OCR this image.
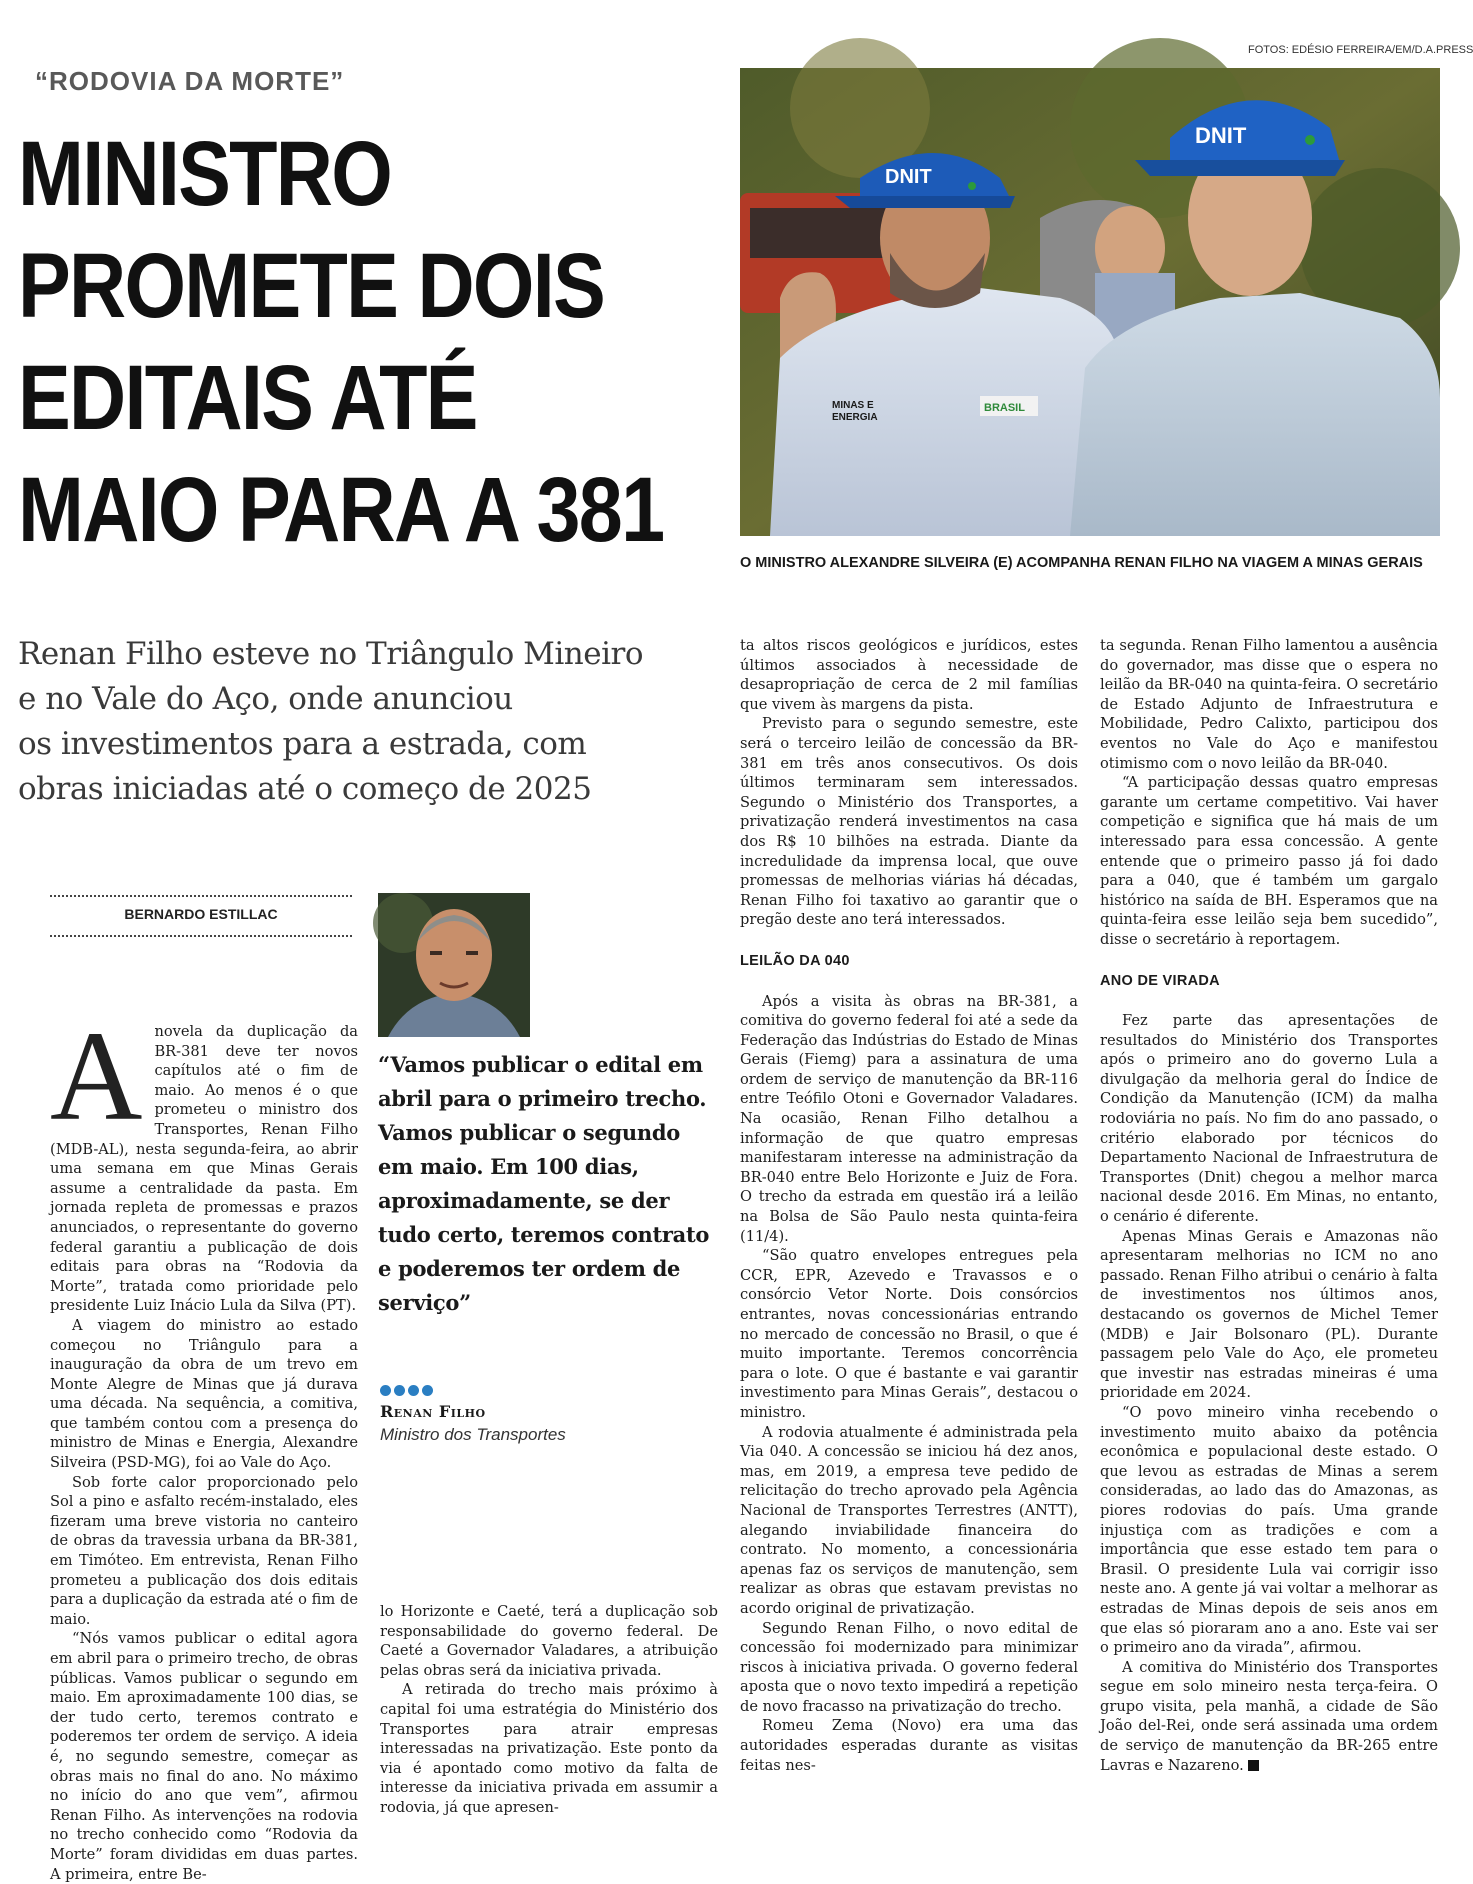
“RODOVIA DA MORTE”
MINISTRO
PROMETE DOIS
EDITAIS ATÉ
MAIO PARA A 381
FOTOS: EDÉSIO FERREIRA/EM/D.A.PRESS
DNIT
MINAS E
ENERGIA
BRASIL
DNIT
O MINISTRO ALEXANDRE SILVEIRA (E) ACOMPANHA RENAN FILHO NA VIAGEM A MINAS GERAIS
Renan Filho esteve no Triângulo Mineiro
e no Vale do Aço, onde anunciou
os investimentos para a estrada, com
obras iniciadas até o começo de 2025
BERNARDO ESTILLAC
A novela da duplicação da BR-381 deve ter novos capítulos até o fim de maio. Ao menos é o que prometeu o ministro dos Transportes, Renan Filho (MDB-AL), nesta segunda-feira, ao abrir uma semana em que Minas Gerais assume a centralidade da pasta. Em jornada repleta de promessas e prazos anunciados, o representante do governo federal garantiu a publicação de dois editais para obras na “Rodovia da Morte”, tratada como prioridade pelo presidente Luiz Inácio Lula da Silva (PT).

A viagem do ministro ao estado começou no Triângulo para a inauguração da obra de um trevo em Monte Alegre de Minas que já durava uma década. Na sequência, a comitiva, que também contou com a presença do ministro de Minas e Energia, Alexandre Silveira (PSD-MG), foi ao Vale do Aço.

Sob forte calor proporcionado pelo Sol a pino e asfalto recém-instalado, eles fizeram uma breve vistoria no canteiro de obras da travessia urbana da BR-381, em Timóteo. Em entrevista, Renan Filho prometeu a publicação dos dois editais para a duplicação da estrada até o fim de maio.

“Nós vamos publicar o edital agora em abril para o primeiro trecho, de obras públicas. Vamos publicar o segundo em maio. Em aproximadamente 100 dias, se der tudo certo, teremos contrato e poderemos ter ordem de serviço. A ideia é, no segundo semestre, começar as obras mais no final do ano. No máximo no início do ano que vem”, afirmou Renan Filho. As intervenções na rodovia no trecho conhecido como “Rodovia da Morte” foram divididas em duas partes. A primeira, entre Be-

“Vamos publicar o edital em abril para o primeiro trecho. Vamos publicar o segundo em maio. Em 100 dias, aproximadamente, se der tudo certo, teremos contrato e poderemos ter ordem de serviço”
Renan Filho
Ministro dos Transportes

lo Horizonte e Caeté, terá a duplicação sob responsabilidade do governo federal. De Caeté a Governador Valadares, a atribuição pelas obras será da iniciativa privada.

A retirada do trecho mais próximo à capital foi uma estratégia do Ministério dos Transportes para atrair empresas interessadas na privatização. Este ponto da via é apontado como motivo da falta de interesse da iniciativa privada em assumir a rodovia, já que apresen-

ta altos riscos geológicos e jurídicos, estes últimos associados à necessidade de desapropriação de cerca de 2 mil famílias que vivem às margens da pista.

Previsto para o segundo semestre, este será o terceiro leilão de concessão da BR-381 em três anos consecutivos. Os dois últimos terminaram sem interessados. Segundo o Ministério dos Transportes, a privatização renderá investimentos na casa dos R$ 10 bilhões na estrada. Diante da incredulidade da imprensa local, que ouve promessas de melhorias viárias há décadas, Renan Filho foi taxativo ao garantir que o pregão deste ano terá interessados.

LEILÃO DA 040

Após a visita às obras na BR-381, a comitiva do governo federal foi até a sede da Federação das Indústrias do Estado de Minas Gerais (Fiemg) para a assinatura de uma ordem de serviço de manutenção da BR-116 entre Teófilo Otoni e Governador Valadares. Na ocasião, Renan Filho detalhou a informação de que quatro empresas manifestaram interesse na administração da BR-040 entre Belo Horizonte e Juiz de Fora. O trecho da estrada em questão irá a leilão na Bolsa de São Paulo nesta quinta-feira (11/4).

“São quatro envelopes entregues pela CCR, EPR, Azevedo e Travassos e o consórcio Vetor Norte. Dois consórcios entrantes, novas concessionárias entrando no mercado de concessão no Brasil, o que é muito importante. Teremos concorrência para o lote. O que é bastante e vai garantir investimento para Minas Gerais”, destacou o ministro.

A rodovia atualmente é administrada pela Via 040. A concessão se iniciou há dez anos, mas, em 2019, a empresa teve pedido de relicitação do trecho aprovado pela Agência Nacional de Transportes Terrestres (ANTT), alegando inviabilidade financeira do contrato. No momento, a concessionária apenas faz os serviços de manutenção, sem realizar as obras que estavam previstas no acordo original de privatização.

Segundo Renan Filho, o novo edital de concessão foi modernizado para minimizar riscos à iniciativa privada. O governo federal aposta que o novo texto impedirá a repetição de novo fracasso na privatização do trecho.

Romeu Zema (Novo) era uma das autoridades esperadas durante as visitas feitas nes-

ta segunda. Renan Filho lamentou a ausência do governador, mas disse que o espera no leilão da BR-040 na quinta-feira. O secretário de Estado Adjunto de Infraestrutura e Mobilidade, Pedro Calixto, participou dos eventos no Vale do Aço e manifestou otimismo com o novo leilão da BR-040.

“A participação dessas quatro empresas garante um certame competitivo. Vai haver competição e significa que há mais de um interessado para essa concessão. A gente entende que o primeiro passo já foi dado para a 040, que é também um gargalo histórico na saída de BH. Esperamos que na quinta-feira esse leilão seja bem sucedido”, disse o secretário à reportagem.

ANO DE VIRADA

Fez parte das apresentações de resultados do Ministério dos Transportes após o primeiro ano do governo Lula a divulgação da melhoria geral do Índice de Condição da Manutenção (ICM) da malha rodoviária no país. No fim do ano passado, o critério elaborado por técnicos do Departamento Nacional de Infraestrutura de Transportes (Dnit) chegou a melhor marca nacional desde 2016. Em Minas, no entanto, o cenário é diferente.

Apenas Minas Gerais e Amazonas não apresentaram melhorias no ICM no ano passado. Renan Filho atribui o cenário à falta de investimentos nos últimos anos, destacando os governos de Michel Temer (MDB) e Jair Bolsonaro (PL). Durante passagem pelo Vale do Aço, ele prometeu que investir nas estradas mineiras é uma prioridade em 2024.

“O povo mineiro vinha recebendo o investimento muito abaixo da potência econômica e populacional deste estado. O que levou as estradas de Minas a serem consideradas, ao lado das do Amazonas, as piores rodovias do país. Uma grande injustiça com as tradições e com a importância que esse estado tem para o Brasil. O presidente Lula vai corrigir isso neste ano. A gente já vai voltar a melhorar as estradas de Minas depois de seis anos em que elas só pioraram ano a ano. Este vai ser o primeiro ano da virada”, afirmou.

A comitiva do Ministério dos Transportes segue em solo mineiro nesta terça-feira. O grupo visita, pela manhã, a cidade de São João del-Rei, onde será assinada uma ordem de serviço de manutenção da BR-265 entre Lavras e Nazareno.
